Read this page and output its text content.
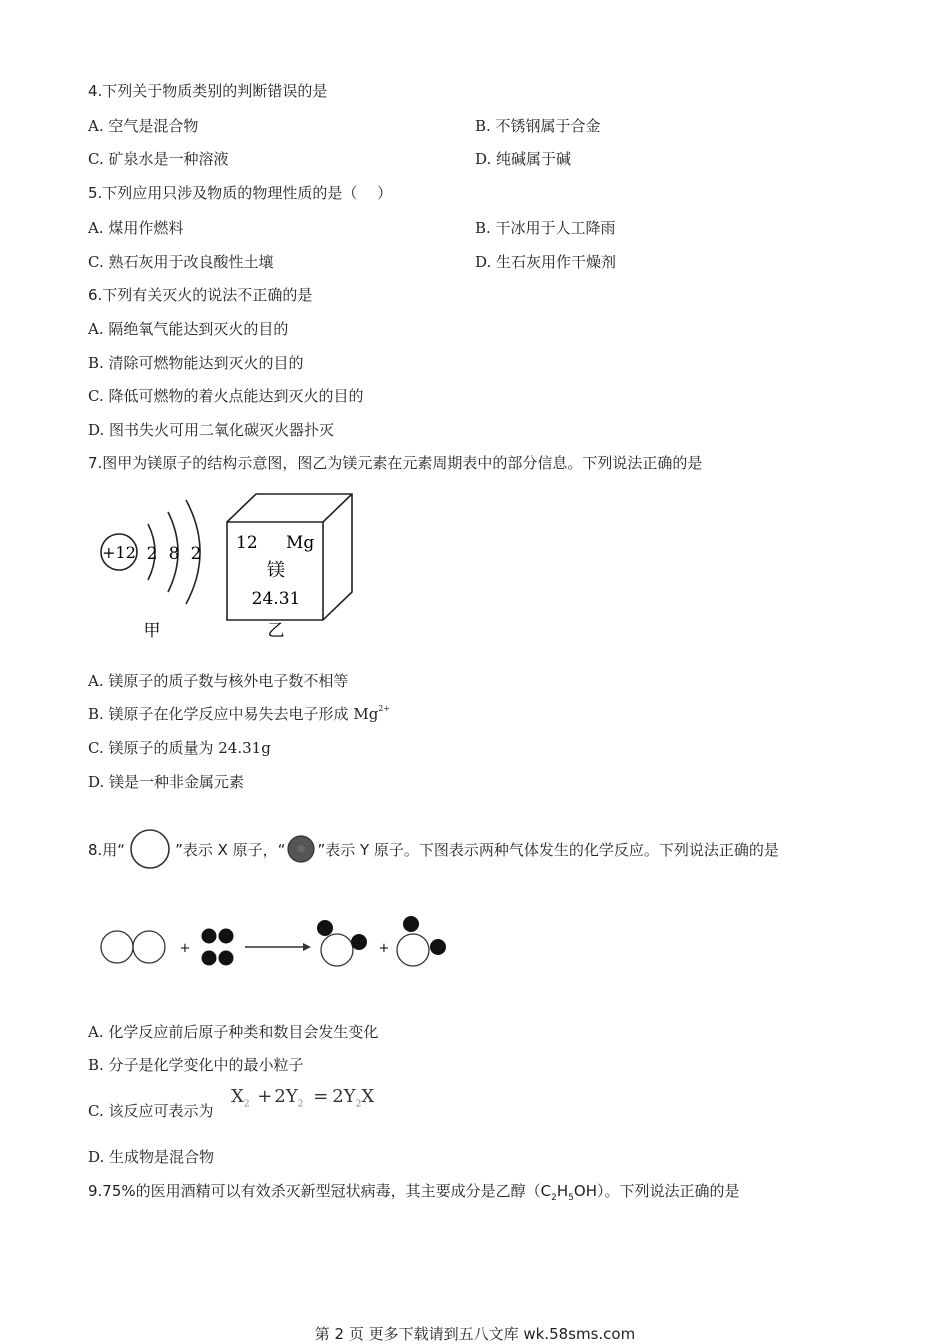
4.下列关于物质类别的判断错误的是
A. 空气是混合物	B. 不锈钢属于合金
C. 矿泉水是一种溶液	D. 纯碱属于碱
5.下列应用只涉及物质的物理性质的是（　 ）
A. 煤用作燃料	B. 干冰用于人工降雨
C. 熟石灰用于改良酸性土壤	D. 生石灰用作干燥剂
6.下列有关灭火的说法不正确的是
A. 隔绝氧气能达到灭火的目的
B. 清除可燃物能达到灭火的目的
C. 降低可燃物的着火点能达到灭火的目的
D. 图书失火可用二氧化碳灭火器扑灭
7.图甲为镁原子的结构示意图，图乙为镁元素在元素周期表中的部分信息。下列说法正确的是
+12 2 8 2
甲
12 Mg
镁
24.31
乙
A. 镁原子的质子数与核外电子数不相等
B. 镁原子在化学反应中易失去电子形成 $Mg^{2+}$
C. 镁原子的质量为 24.31g
D. 镁是一种非金属元素
8.用“	”表示 X 原子，“ ”表示 Y 原子。下图表示两种气体发生的化学反应。下列说法正确的是
+	+
A. 化学反应前后原子种类和数目会发生变化
B. 分子是化学变化中的最小粒子
C. 该反应可表示为
$X_2 + 2Y_2 = 2Y_2X$
D. 生成物是混合物
9.75%的医用酒精可以有效杀灭新型冠状病毒，其主要成分是乙醇$(C_2H_5OH)$。下列说法正确的是
第 2 页 更多下载请到五八文库 wk.58sms.com
